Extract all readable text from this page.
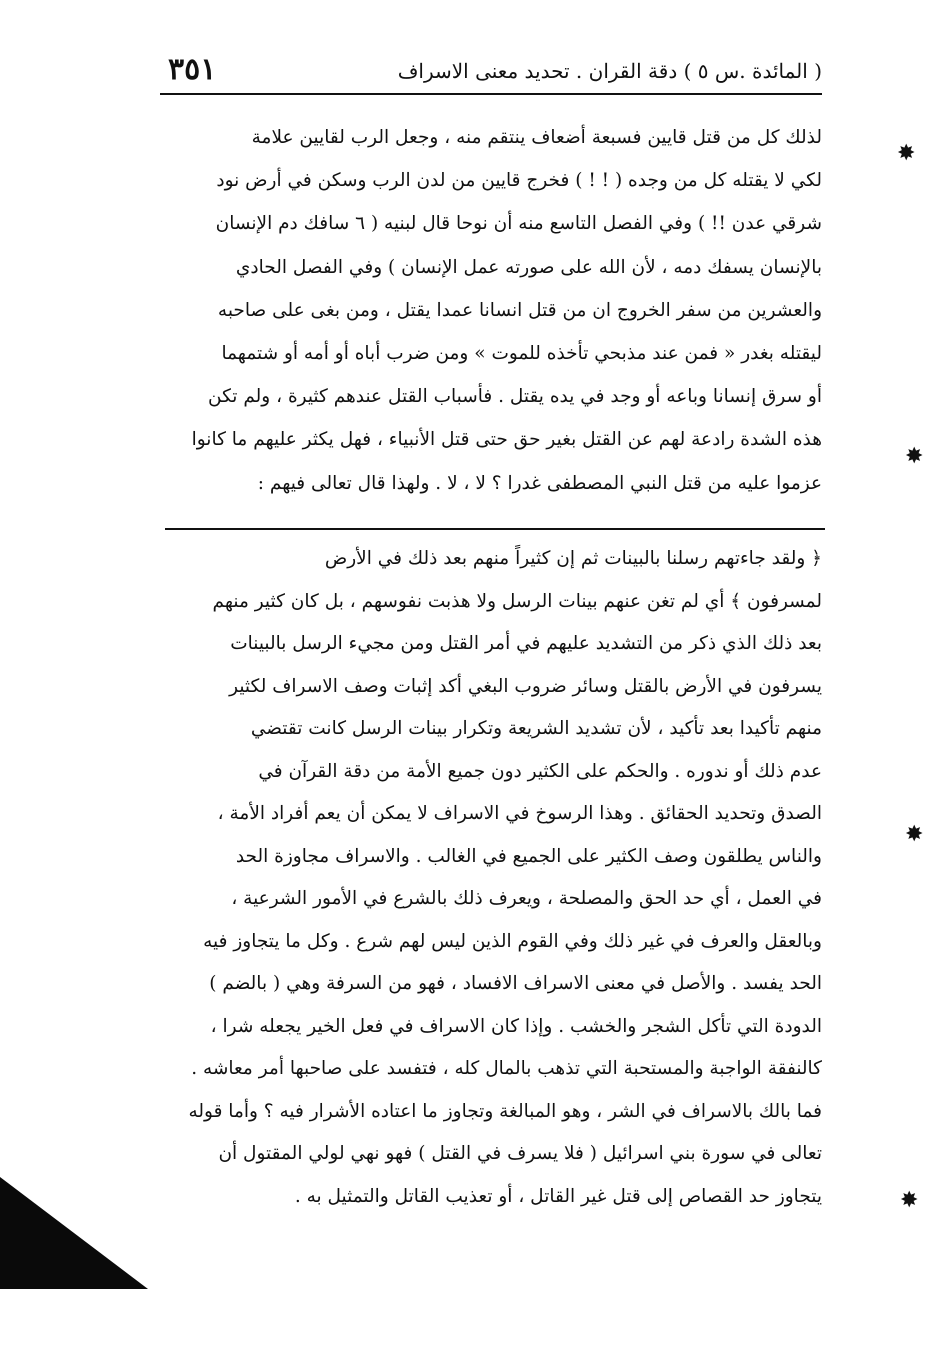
٣٥١	( المائدة .س ٥ ) دقة القران . تحديد معنى الاسراف
لذلك كل من قتل قايين فسبعة أضعاف ينتقم منه ، وجعل الرب لقايين علامة
لكي لا يقتله كل من وجده ( ! ! ) فخرج قايين من لدن الرب وسكن في أرض نود
شرقي عدن !! ) وفي الفصل التاسع منه أن نوحا قال لبنيه ( ٦ سافك دم الإنسان
بالإنسان يسفك دمه ، لأن الله على صورته عمل الإنسان ) وفي الفصل الحادي
والعشرين من سفر الخروج ان من قتل انسانا عمدا يقتل ، ومن بغى على صاحبه
ليقتله بغدر « فمن عند مذبحي تأخذه للموت » ومن ضرب أباه أو أمه أو شتمهما
أو سرق إنسانا وباعه أو وجد في يده يقتل . فأسباب القتل عندهم كثيرة ، ولم تكن
هذه الشدة رادعة لهم عن القتل بغير حق حتى قتل الأنبياء ، فهل يكثر عليهم ما كانوا
عزموا عليه من قتل النبي المصطفى غدرا ؟ لا ، لا . ولهذا قال تعالى فيهم :
﴿ ولقد جاءتهم رسلنا بالبينات ثم إن كثيراً منهم بعد ذلك في الأرض
لمسرفون ﴾ أي لم تغن عنهم بينات الرسل ولا هذبت نفوسهم ، بل كان كثير منهم
بعد ذلك الذي ذكر من التشديد عليهم في أمر القتل ومن مجيء الرسل بالبينات
يسرفون في الأرض بالقتل وسائر ضروب البغي أكد إثبات وصف الاسراف لكثير
منهم تأكيدا بعد تأكيد ، لأن تشديد الشريعة وتكرار بينات الرسل كانت تقتضي
عدم ذلك أو ندوره . والحكم على الكثير دون جميع الأمة من دقة القرآن في
الصدق وتحديد الحقائق . وهذا الرسوخ في الاسراف لا يمكن أن يعم أفراد الأمة ،
والناس يطلقون وصف الكثير على الجميع في الغالب . والاسراف مجاوزة الحد
في العمل ، أي حد الحق والمصلحة ، ويعرف ذلك بالشرع في الأمور الشرعية ،
وبالعقل والعرف في غير ذلك وفي القوم الذين ليس لهم شرع . وكل ما يتجاوز فيه
الحد يفسد . والأصل في معنى الاسراف الافساد ، فهو من السرفة وهي ( بالضم )
الدودة التي تأكل الشجر والخشب . وإذا كان الاسراف في فعل الخير يجعله شرا ،
كالنفقة الواجبة والمستحبة التي تذهب بالمال كله ، فتفسد على صاحبها أمر معاشه .
فما بالك بالاسراف في الشر ، وهو المبالغة وتجاوز ما اعتاده الأشرار فيه ؟ وأما قوله
تعالى في سورة بني اسرائيل ( فلا يسرف في القتل ) فهو نهي لولي المقتول أن
يتجاوز حد القصاص إلى قتل غير القاتل ، أو تعذيب القاتل والتمثيل به .
✸
✸
✸
✸
